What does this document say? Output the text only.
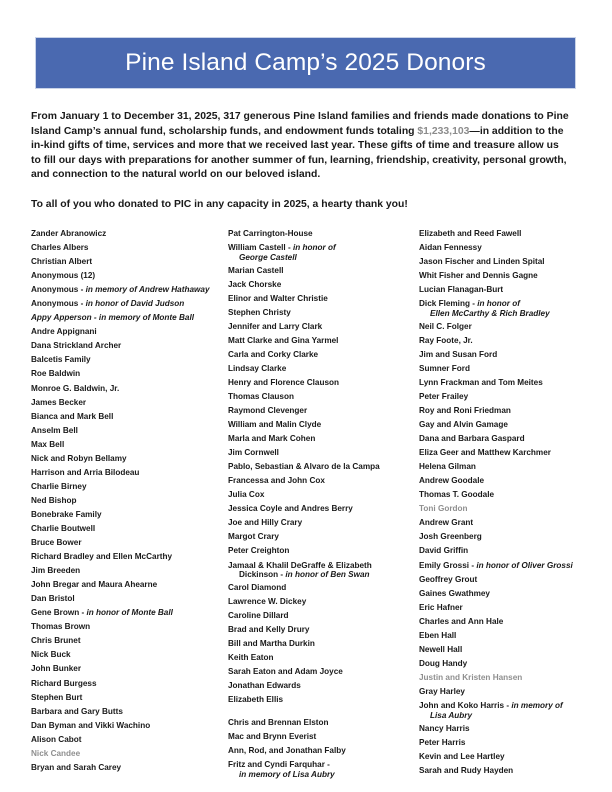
Pine Island Camp’s 2025 Donors
From January 1 to December 31, 2025, 317 generous Pine Island families and friends made donations to Pine Island Camp’s annual fund, scholarship funds, and endowment funds totaling $1,233,103—in addition to the in-kind gifts of time, services and more that we received last year. These gifts of time and treasure allow us to fill our days with preparations for another summer of fun, learning, friendship, creativity, personal growth, and connection to the natural world on our beloved island.
To all of you who donated to PIC in any capacity in 2025, a hearty thank you!
Zander Abranowicz
Charles Albers
Christian Albert
Anonymous (12)
Anonymous - in memory of Andrew Hathaway
Anonymous - in honor of David Judson
Appy Apperson - in memory of Monte Ball
Andre Appignani
Dana Strickland Archer
Balcetis Family
Roe Baldwin
Monroe G. Baldwin, Jr.
James Becker
Bianca and Mark Bell
Anselm Bell
Max Bell
Nick and Robyn Bellamy
Harrison and Arria Bilodeau
Charlie Birney
Ned Bishop
Bonebrake Family
Charlie Boutwell
Bruce Bower
Richard Bradley and Ellen McCarthy
Jim Breeden
John Bregar and Maura Ahearne
Dan Bristol
Gene Brown - in honor of Monte Ball
Thomas Brown
Chris Brunet
Nick Buck
John Bunker
Richard Burgess
Stephen Burt
Barbara and Gary Butts
Dan Byman and Vikki Wachino
Alison Cabot
Nick Candee
Bryan and Sarah Carey
Pat Carrington-House
William Castell - in honor of
George Castell
Marian Castell
Jack Chorske
Elinor and Walter Christie
Stephen Christy
Jennifer and Larry Clark
Matt Clarke and Gina Yarmel
Carla and Corky Clarke
Lindsay Clarke
Henry and Florence Clauson
Thomas Clauson
Raymond Clevenger
William and Malin Clyde
Marla and Mark Cohen
Jim Cornwell
Pablo, Sebastian & Alvaro de la Campa
Francessa and John Cox
Julia Cox
Jessica Coyle and Andres Berry
Joe and Hilly Crary
Margot Crary
Peter Creighton
Jamaal & Khalil DeGraffe & Elizabeth
Dickinson - in honor of Ben Swan
Carol Diamond
Lawrence W. Dickey
Caroline Dillard
Brad and Kelly Drury
Bill and Martha Durkin
Keith Eaton
Sarah Eaton and Adam Joyce
Jonathan Edwards
Elizabeth Ellis
Chris and Brennan Elston
Mac and Brynn Everist
Ann, Rod, and Jonathan Falby
Fritz and Cyndi Farquhar -
in memory of Lisa Aubry
Elizabeth and Reed Fawell
Aidan Fennessy
Jason Fischer and Linden Spital
Whit Fisher and Dennis Gagne
Lucian Flanagan-Burt
Dick Fleming - in honor of
Ellen McCarthy & Rich Bradley
Neil C. Folger
Ray Foote, Jr.
Jim and Susan Ford
Sumner Ford
Lynn Frackman and Tom Meites
Peter Frailey
Roy and Roni Friedman
Gay and Alvin Gamage
Dana and Barbara Gaspard
Eliza Geer and Matthew Karchmer
Helena Gilman
Andrew Goodale
Thomas T. Goodale
Toni Gordon
Andrew Grant
Josh Greenberg
David Griffin
Emily Grossi - in honor of Oliver Grossi
Geoffrey Grout
Gaines Gwathmey
Eric Hafner
Charles and Ann Hale
Eben Hall
Newell Hall
Doug Handy
Justin and Kristen Hansen
Gray Harley
John and Koko Harris - in memory of
Lisa Aubry
Nancy Harris
Peter Harris
Kevin and Lee Hartley
Sarah and Rudy Hayden
